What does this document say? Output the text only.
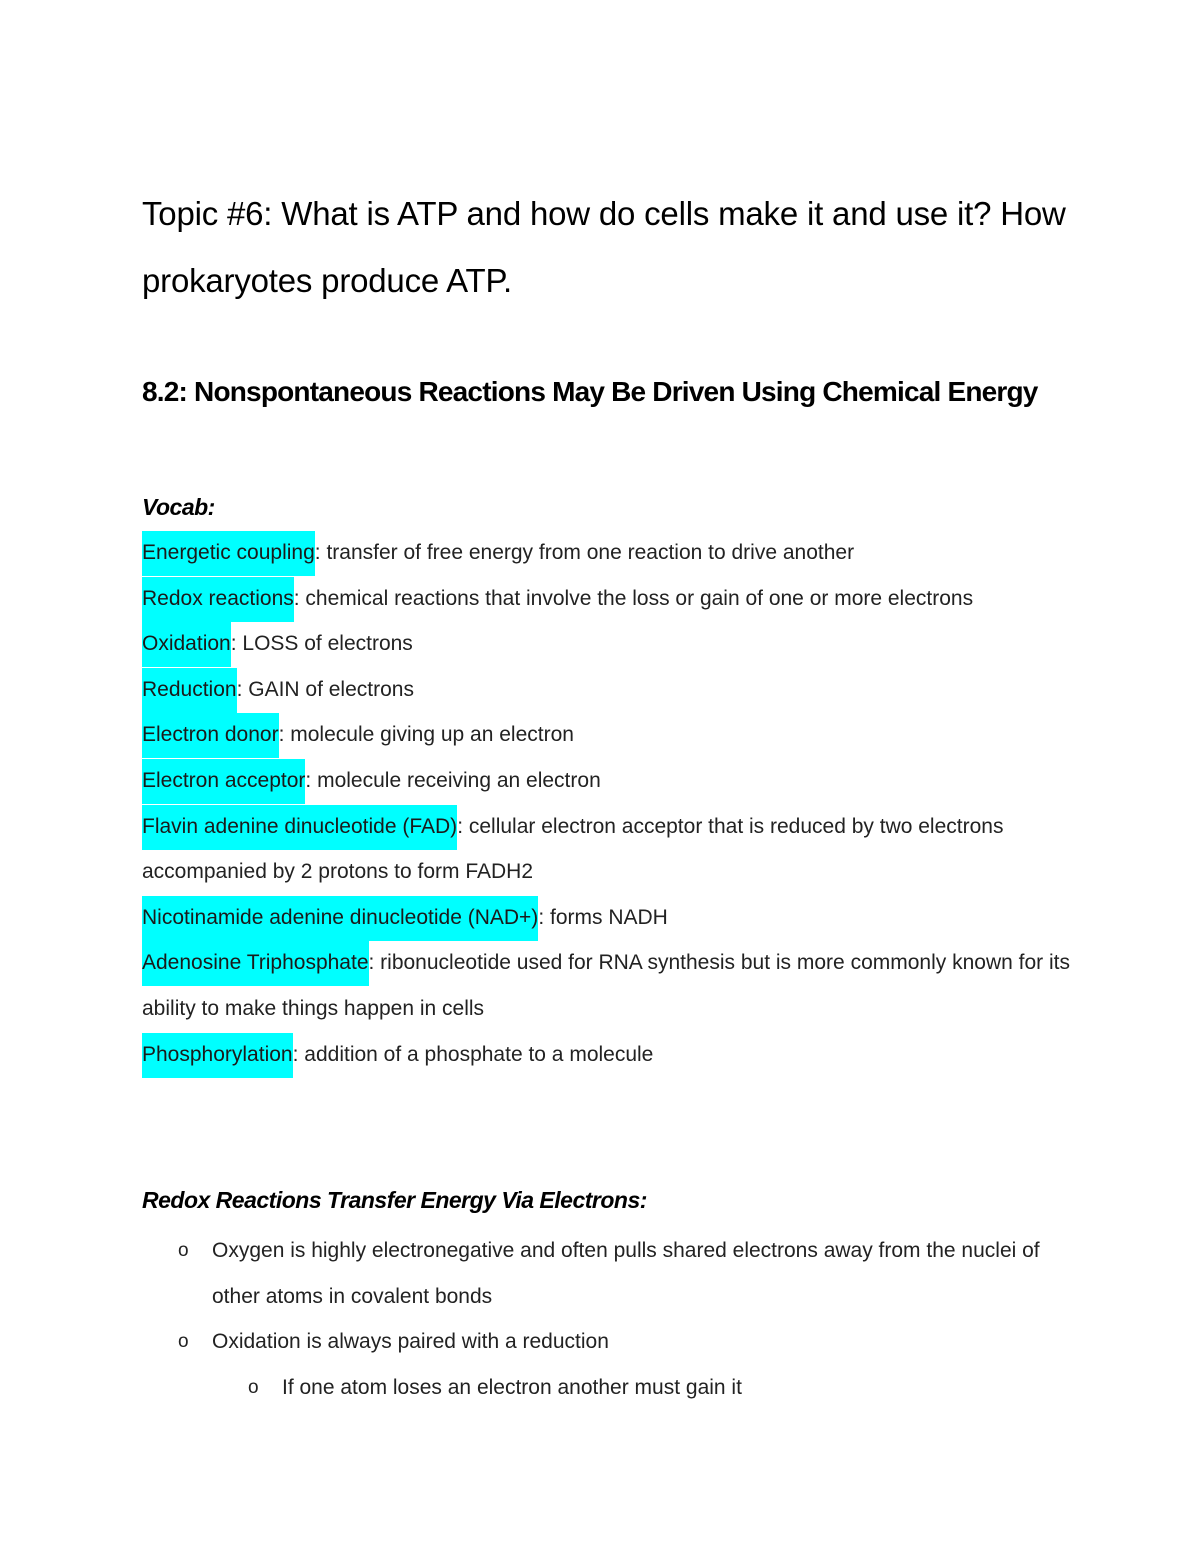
Topic #6: What is ATP and how do cells make it and use it? How prokaryotes produce ATP.
8.2: Nonspontaneous Reactions May Be Driven Using Chemical Energy
Vocab:
Energetic coupling: transfer of free energy from one reaction to drive another
Redox reactions: chemical reactions that involve the loss or gain of one or more electrons
Oxidation: LOSS of electrons
Reduction: GAIN of electrons
Electron donor: molecule giving up an electron
Electron acceptor: molecule receiving an electron
Flavin adenine dinucleotide (FAD): cellular electron acceptor that is reduced by two electrons accompanied by 2 protons to form FADH2
Nicotinamide adenine dinucleotide (NAD+): forms NADH
Adenosine Triphosphate: ribonucleotide used for RNA synthesis but is more commonly known for its ability to make things happen in cells
Phosphorylation: addition of a phosphate to a molecule
Redox Reactions Transfer Energy Via Electrons:
o Oxygen is highly electronegative and often pulls shared electrons away from the nuclei of other atoms in covalent bonds
o Oxidation is always paired with a reduction
o If one atom loses an electron another must gain it
